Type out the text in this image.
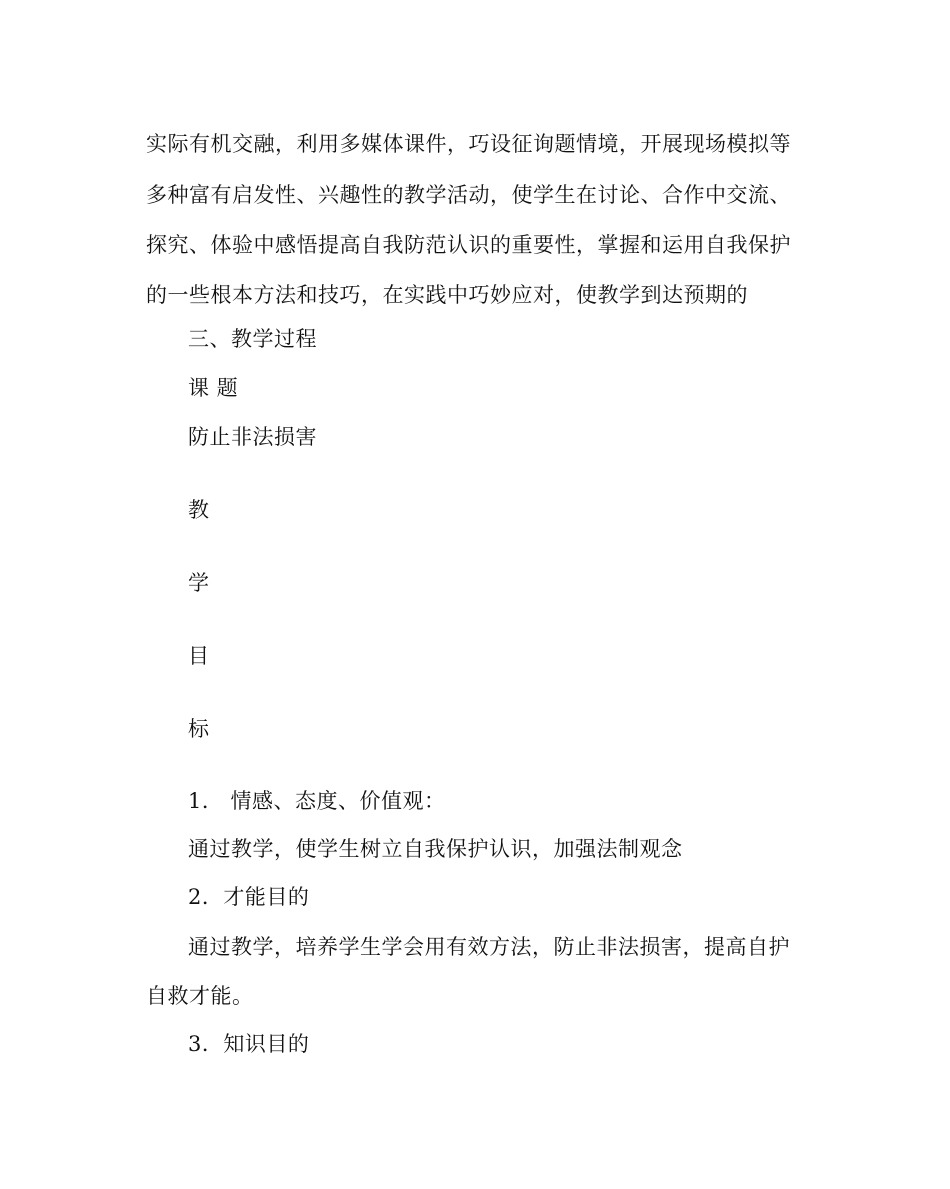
实际有机交融，利用多媒体课件，巧设征询题情境，开展现场模拟等
多种富有启发性、兴趣性的教学活动，使学生在讨论、合作中交流、
探究、体验中感悟提高自我防范认识的重要性，掌握和运用自我保护
的一些根本方法和技巧，在实践中巧妙应对，使教学到达预期的
三、教学过程
课 题
防止非法损害
教
学
目
标
1． 情感、态度、价值观：
通过教学，使学生树立自我保护认识，加强法制观念
2．才能目的
通过教学，培养学生学会用有效方法，防止非法损害，提高自护
自救才能。
3．知识目的
